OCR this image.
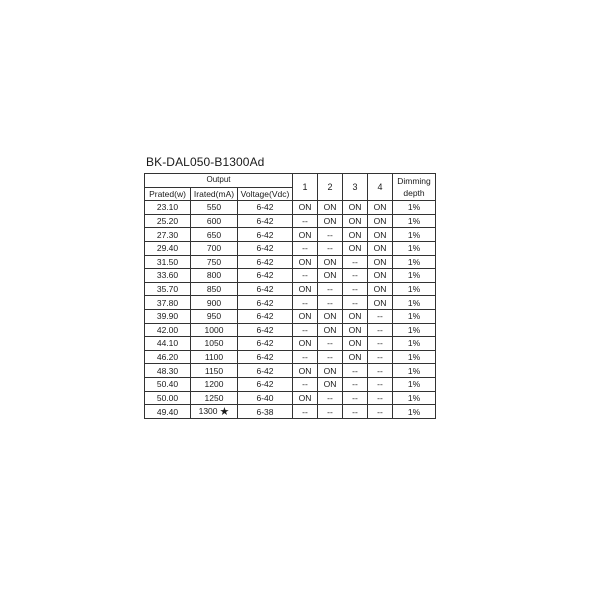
BK-DAL050-B1300Ad
Output			1	2	3	4	Dimming
depth
Prated(w)	Irated(mA)	Voltage(Vdc)					
23.10	550	6-42	ON	ON	ON	ON	1%
25.20	600	6-42	--	ON	ON	ON	1%
27.30	650	6-42	ON	--	ON	ON	1%
29.40	700	6-42	--	--	ON	ON	1%
31.50	750	6-42	ON	ON	--	ON	1%
33.60	800	6-42	--	ON	--	ON	1%
35.70	850	6-42	ON	--	--	ON	1%
37.80	900	6-42	--	--	--	ON	1%
39.90	950	6-42	ON	ON	ON	--	1%
42.00	1000	6-42	--	ON	ON	--	1%
44.10	1050	6-42	ON	--	ON	--	1%
46.20	1100	6-42	--	--	ON	--	1%
48.30	1150	6-42	ON	ON	--	--	1%
50.40	1200	6-42	--	ON	--	--	1%
50.00	1250	6-40	ON	--	--	--	1%
49.40	1300 ★	6-38	--	--	--	--	1%
